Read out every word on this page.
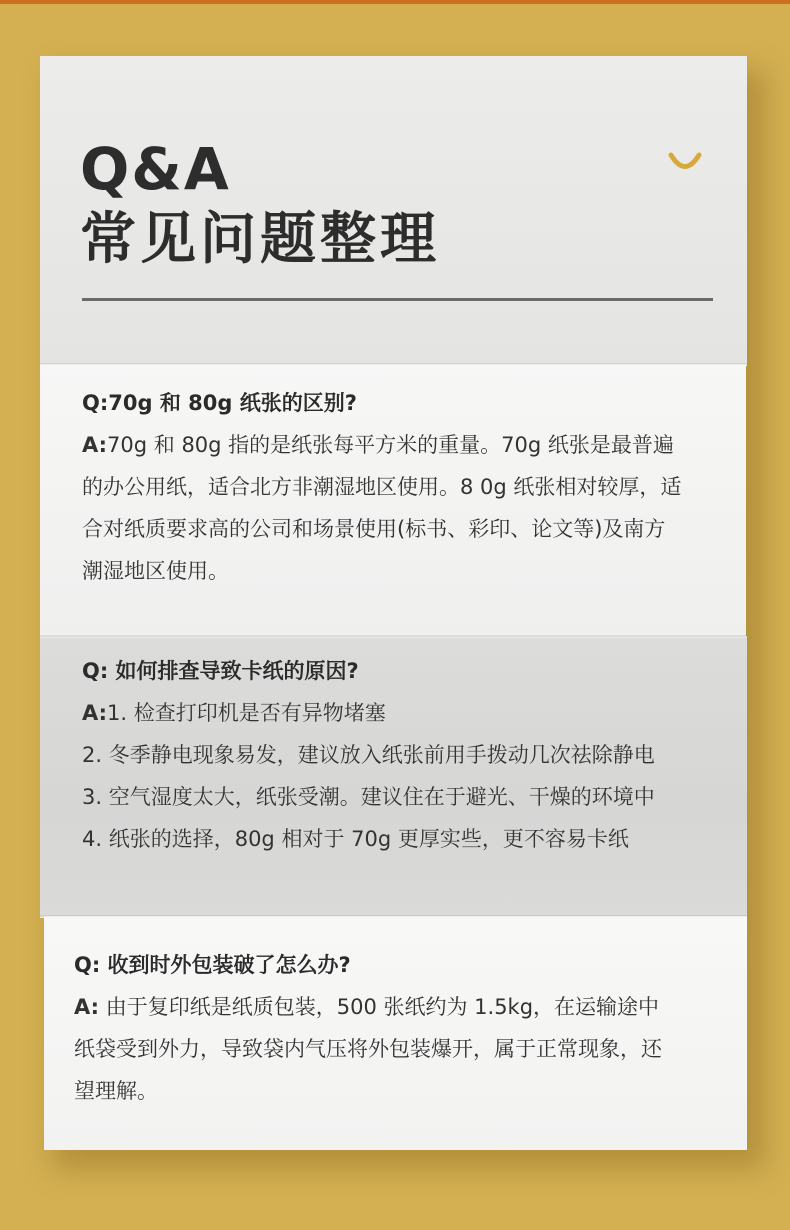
Q&A
常见问题整理

Q:70g 和 80g 纸张的区别?

A:70g 和 80g 指的是纸张每平方米的重量。70g 纸张是最普遍

的办公用纸，适合北方非潮湿地区使用。8 0g 纸张相对较厚，适

合对纸质要求高的公司和场景使用(标书、彩印、论文等)及南方

潮湿地区使用。

Q: 如何排查导致卡纸的原因?

A:1. 检查打印机是否有异物堵塞

2. 冬季静电现象易发，建议放入纸张前用手拨动几次祛除静电

3. 空气湿度太大，纸张受潮。建议住在于避光、干燥的环境中

4. 纸张的选择，80g 相对于 70g 更厚实些，更不容易卡纸

Q: 收到时外包装破了怎么办?

A: 由于复印纸是纸质包装，500 张纸约为 1.5kg，在运输途中

纸袋受到外力，导致袋内气压将外包装爆开，属于正常现象，还

望理解。
